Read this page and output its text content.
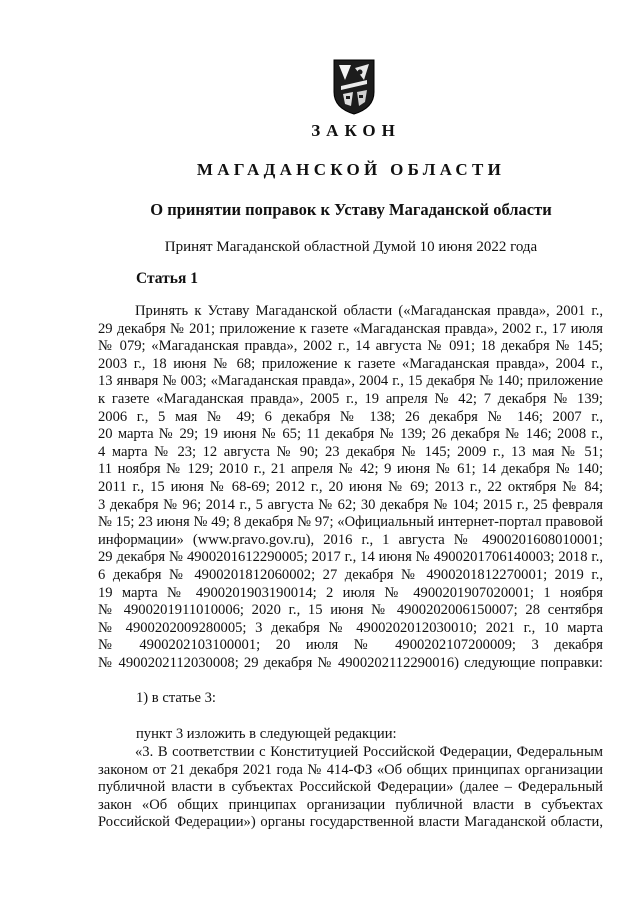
ЗАКОН
МАГАДАНСКОЙ ОБЛАСТИ
О принятии поправок к Уставу Магаданской области
Принят Магаданской областной Думой 10 июня 2022 года
Статья 1
Принять к Уставу Магаданской области («Магаданская правда», 2001 г.,
29 декабря № 201; приложение к газете «Магаданская правда», 2002 г., 17 июля
№ 079; «Магаданская правда», 2002 г., 14 августа № 091; 18 декабря № 145;
2003 г., 18 июня № 68; приложение к газете «Магаданская правда», 2004 г.,
13 января № 003; «Магаданская правда», 2004 г., 15 декабря № 140; приложение
к газете «Магаданская правда», 2005 г., 19 апреля № 42; 7 декабря № 139;
2006 г., 5 мая № 49; 6 декабря № 138; 26 декабря № 146; 2007 г.,
20 марта № 29; 19 июня № 65; 11 декабря № 139; 26 декабря № 146; 2008 г.,
4 марта № 23; 12 августа № 90; 23 декабря № 145; 2009 г., 13 мая № 51;
11 ноября № 129; 2010 г., 21 апреля № 42; 9 июня № 61; 14 декабря № 140;
2011 г., 15 июня № 68-69; 2012 г., 20 июня № 69; 2013 г., 22 октября № 84;
3 декабря № 96; 2014 г., 5 августа № 62; 30 декабря № 104; 2015 г., 25 февраля
№ 15; 23 июня № 49; 8 декабря № 97; «Официальный интернет-портал правовой
информации» (www.pravo.gov.ru), 2016 г., 1 августа № 4900201608010001;
29 декабря № 4900201612290005; 2017 г., 14 июня № 4900201706140003; 2018 г.,
6 декабря № 4900201812060002; 27 декабря № 4900201812270001; 2019 г.,
19 марта № 4900201903190014; 2 июля № 4900201907020001; 1 ноября
№ 4900201911010006; 2020 г., 15 июня № 4900202006150007; 28 сентября
№ 4900202009280005; 3 декабря № 4900202012030010; 2021 г., 10 марта
№ 4900202103100001; 20 июля № 4900202107200009; 3 декабря
№ 4900202112030008; 29 декабря № 4900202112290016) следующие поправки:
1) в статье 3:
пункт 3 изложить в следующей редакции:
«3. В соответствии с Конституцией Российской Федерации, Федеральным
законом от 21 декабря 2021 года № 414-ФЗ «Об общих принципах организации
публичной власти в субъектах Российской Федерации» (далее – Федеральный
закон «Об общих принципах организации публичной власти в субъектах
Российской Федерации») органы государственной власти Магаданской области,
